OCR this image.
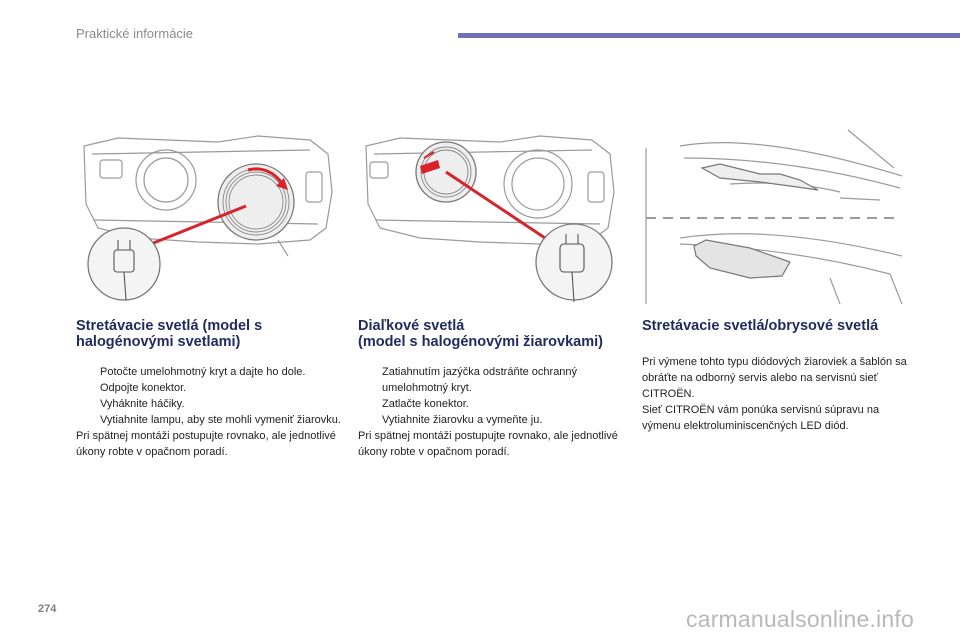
Praktické informácie
Stretávacie svetlá (model s
halogénovými svetlami)
Potočte umelohmotný kryt a dajte ho dole.
Odpojte konektor.
Vyháknite háčiky.
Vytiahnite lampu, aby ste mohli vymeniť žiarovku.

Pri spätnej montáži postupujte rovnako, ale jednotlivé úkony robte v opačnom poradí.

Diaľkové svetlá
(model s halogénovými žiarovkami)
Zatiahnutím jazýčka odstráňte ochranný umelohmotný kryt.
Zatlačte konektor.
Vytiahnite žiarovku a vymeňte ju.

Pri spätnej montáži postupujte rovnako, ale jednotlivé úkony robte v opačnom poradí.

Stretávacie svetlá/obrysové svetlá

Pri výmene tohto typu diódových žiaroviek a šablón sa obráťte na odborný servis alebo na servisnú sieť CITROËN.

Sieť CITROËN vám ponúka servisnú súpravu na výmenu elektroluminiscenčných LED diód.

274	carmanualsonline.info
